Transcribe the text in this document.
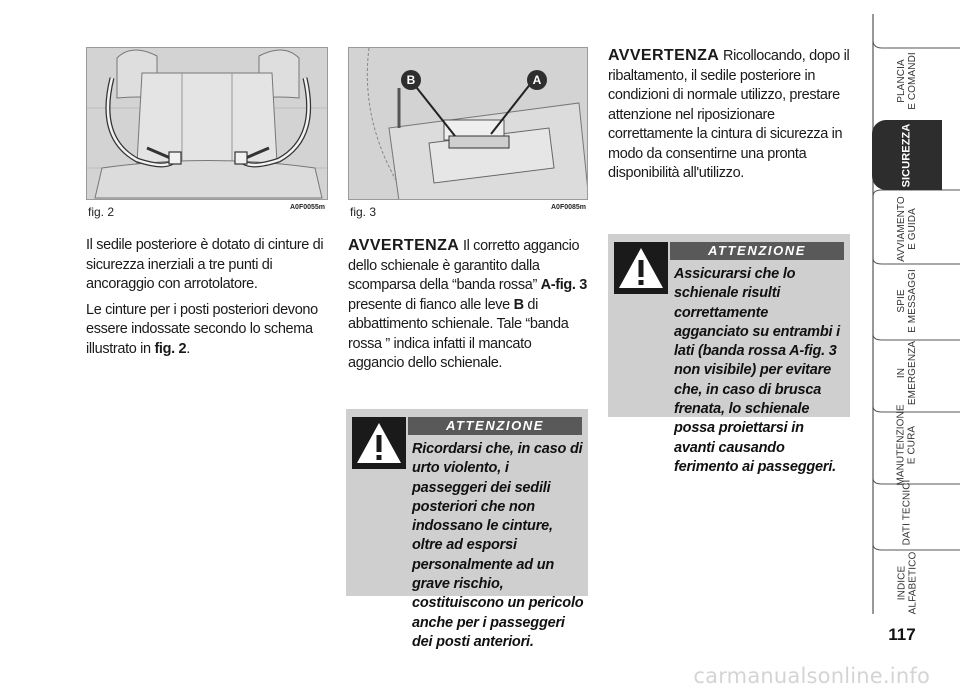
fig. 2	A0F0055m
B	A
fig. 3	A0F0085m

Il sedile posteriore è dotato di cinture di sicurezza inerziali a tre punti di ancoraggio con arrotolatore.

Le cinture per i posti posteriori devono essere indossate secondo lo schema illustrato in fig. 2.

AVVERTENZA Il corretto aggancio dello schienale è garantito dalla scomparsa della “banda rossa” A-fig. 3 presente di fianco alle leve B di abbattimento schienale. Tale “banda rossa ” indica infatti il mancato aggancio dello schienale.

AVVERTENZA Ricollocando, dopo il ribaltamento, il sedile posteriore in condizioni di normale utilizzo, prestare attenzione nel riposizionare correttamente la cintura di sicurezza in modo da consentirne una pronta disponibilità all'utilizzo.

ATTENZIONE
Ricordarsi che, in caso di urto violento, i passeggeri dei sedili posteriori che non indossano le cinture, oltre ad esporsi personalmente ad un grave rischio, costituiscono un pericolo anche per i passeggeri dei posti anteriori.
ATTENZIONE
Assicurarsi che lo schienale risulti correttamente agganciato su entrambi i lati (banda rossa A-fig. 3 non visibile) per evitare che, in caso di brusca frenata, lo schienale possa proiettarsi in avanti causando ferimento ai passeggeri.
PLANCIA
E COMANDI
SICUREZZA
AVVIAMENTO
E GUIDA
SPIE
E MESSAGGI
IN EMERGENZA
MANUTENZIONE
E CURA
DATI TECNICI
INDICE
ALFABETICO
117
carmanualsonline.info
